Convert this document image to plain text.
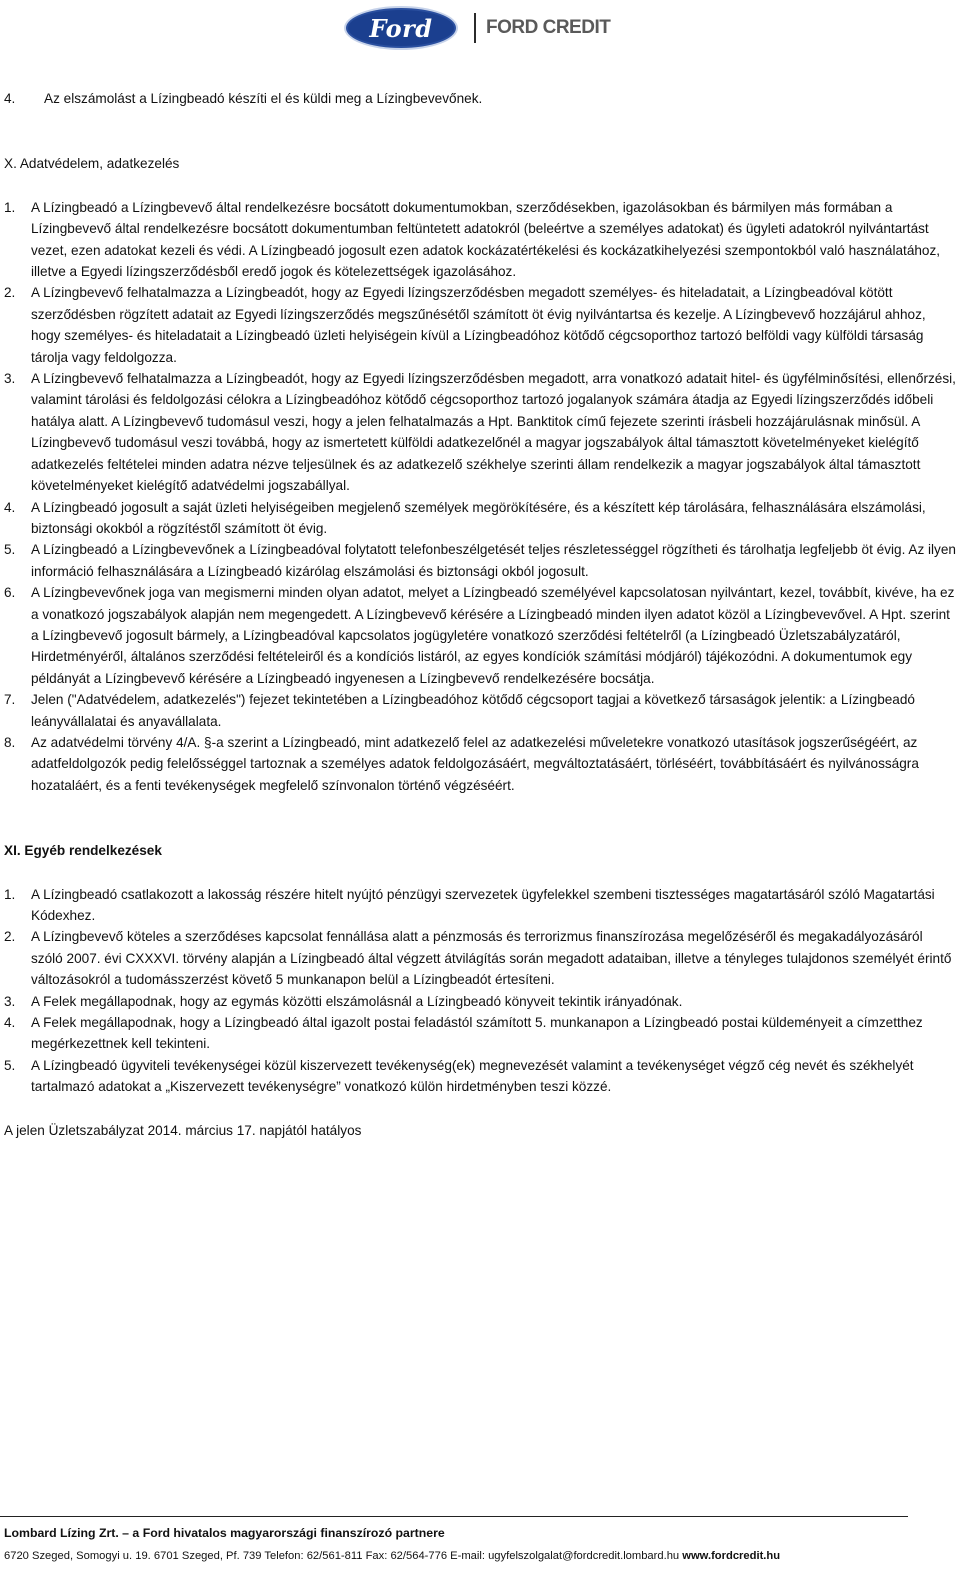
Ford	FORD CREDIT
4.	Az elszámolást a Lízingbeadó készíti el és küldi meg a Lízingbevevőnek.
X. Adatvédelem, adatkezelés
1.	A Lízingbeadó a Lízingbevevő által rendelkezésre bocsátott dokumentumokban, szerződésekben, igazolásokban és bármilyen más formában a Lízingbevevő által rendelkezésre bocsátott dokumentumban feltüntetett adatokról (beleértve a személyes adatokat) és ügyleti adatokról nyilvántartást vezet, ezen adatokat kezeli és védi. A Lízingbeadó jogosult ezen adatok kockázatértékelési és kockázatkihelyezési szempontokból való használatához, illetve a Egyedi lízingszerződésből eredő jogok és kötelezettségek igazolásához.
2.	A Lízingbevevő felhatalmazza a Lízingbeadót, hogy az Egyedi lízingszerződésben megadott személyes- és hiteladatait, a Lízingbeadóval kötött szerződésben rögzített adatait az Egyedi lízingszerződés megszűnésétől számított öt évig nyilvántartsa és kezelje. A Lízingbevevő hozzájárul ahhoz, hogy személyes- és hiteladatait a Lízingbeadó üzleti helyiségein kívül a Lízingbeadóhoz kötődő cégcsoporthoz tartozó belföldi vagy külföldi társaság tárolja vagy feldolgozza.
3.	A Lízingbevevő felhatalmazza a Lízingbeadót, hogy az Egyedi lízingszerződésben megadott, arra vonatkozó adatait hitel- és ügyfélminősítési, ellenőrzési, valamint tárolási és feldolgozási célokra a Lízingbeadóhoz kötődő cégcsoporthoz tartozó jogalanyok számára átadja az Egyedi lízingszerződés időbeli hatálya alatt. A Lízingbevevő tudomásul veszi, hogy a jelen felhatalmazás a Hpt. Banktitok című fejezete szerinti írásbeli hozzájárulásnak minősül. A Lízingbevevő tudomásul veszi továbbá, hogy az ismertetett külföldi adatkezelőnél a magyar jogszabályok által támasztott követelményeket kielégítő adatkezelés feltételei minden adatra nézve teljesülnek és az adatkezelő székhelye szerinti állam rendelkezik a magyar jogszabályok által támasztott követelményeket kielégítő adatvédelmi jogszabállyal.
4.	A Lízingbeadó jogosult a saját üzleti helyiségeiben megjelenő személyek megörökítésére, és a készített kép tárolására, felhasználására elszámolási, biztonsági okokból a rögzítéstől számított öt évig.
5.	A Lízingbeadó a Lízingbevevőnek a Lízingbeadóval folytatott telefonbeszélgetését teljes részletességgel rögzítheti és tárolhatja legfeljebb öt évig. Az ilyen információ felhasználására a Lízingbeadó kizárólag elszámolási és biztonsági okból jogosult.
6.	A Lízingbevevőnek joga van megismerni minden olyan adatot, melyet a Lízingbeadó személyével kapcsolatosan nyilvántart, kezel, továbbít, kivéve, ha ez a vonatkozó jogszabályok alapján nem megengedett. A Lízingbevevő kérésére a Lízingbeadó minden ilyen adatot közöl a Lízingbevevővel. A Hpt. szerint a Lízingbevevő jogosult bármely, a Lízingbeadóval kapcsolatos jogügyletére vonatkozó szerződési feltételről (a Lízingbeadó Üzletszabályzatáról, Hirdetményéről, általános szerződési feltételeiről és a kondíciós listáról, az egyes kondíciók számítási módjáról) tájékozódni. A dokumentumok egy példányát a Lízingbevevő kérésére a Lízingbeadó ingyenesen a Lízingbevevő rendelkezésére bocsátja.
7.	Jelen ("Adatvédelem, adatkezelés") fejezet tekintetében a Lízingbeadóhoz kötődő cégcsoport tagjai a következő társaságok jelentik: a Lízingbeadó leányvállalatai és anyavállalata.
8.	Az adatvédelmi törvény 4/A. §-a szerint a Lízingbeadó, mint adatkezelő felel az adatkezelési műveletekre vonatkozó utasítások jogszerűségéért, az adatfeldolgozók pedig felelősséggel tartoznak a személyes adatok feldolgozásáért, megváltoztatásáért, törléséért, továbbításáért és nyilvánosságra hozataláért, és a fenti tevékenységek megfelelő színvonalon történő végzéséért.
XI. Egyéb rendelkezések
1.	A Lízingbeadó csatlakozott a lakosság részére hitelt nyújtó pénzügyi szervezetek ügyfelekkel szembeni tisztességes magatartásáról szóló Magatartási Kódexhez.
2.	A Lízingbevevő köteles a szerződéses kapcsolat fennállása alatt a pénzmosás és terrorizmus finanszírozása megelőzéséről és megakadályozásáról szóló 2007. évi CXXXVI. törvény alapján a Lízingbeadó által végzett átvilágítás során megadott adataiban, illetve a tényleges tulajdonos személyét érintő változásokról a tudomásszerzést követő 5 munkanapon belül a Lízingbeadót értesíteni.
3.	A Felek megállapodnak, hogy az egymás közötti elszámolásnál a Lízingbeadó könyveit tekintik irányadónak.
4.	A Felek megállapodnak, hogy a Lízingbeadó által igazolt postai feladástól számított 5. munkanapon a Lízingbeadó postai küldeményeit a címzetthez megérkezettnek kell tekinteni.
5.	A Lízingbeadó ügyviteli tevékenységei közül kiszervezett tevékenység(ek) megnevezését valamint a tevékenységet végző cég nevét és székhelyét tartalmazó adatokat a „Kiszervezett tevékenységre” vonatkozó külön hirdetményben teszi közzé.
A jelen Üzletszabályzat 2014. március 17. napjától hatályos
Lombard Lízing Zrt. – a Ford hivatalos magyarországi finanszírozó partnere
6720 Szeged, Somogyi u. 19. 6701 Szeged, Pf. 739 Telefon: 62/561-811 Fax: 62/564-776 E-mail: ugyfelszolgalat@fordcredit.lombard.hu www.fordcredit.hu
